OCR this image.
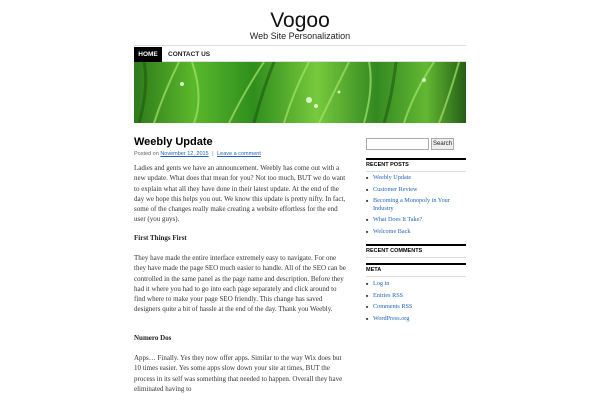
Vogoo
Web Site Personalization
HOME	CONTACT US
Weebly Update
Posted on November 12, 2015 | Leave a comment
Ladies and gents we have an announcement. Weebly has come out with a new update. What does that mean for you? Not too much, BUT we do want to explain what all they have done in their latest update. At the end of the day we hope this helps you out. We know this update is pretty nifty. In fact, some of the changes really make creating a website effortless for the end user (you guys).
First Things First
They have made the entire interface extremely easy to navigate. For one they have made the page SEO much easier to handle. All of the SEO can be controlled in the same panel as the page name and description. Before they had it where you had to go into each page separately and click around to find where to make your page SEO friendly. This change has saved designers quite a bit of hassle at the end of the day. Thank you Weebly.
Numero Dos
Apps… Finally. Yes they now offer apps. Similar to the way Wix does but 10 times easier. Yes some apps slow down your site at times, BUT the process in its self was something that needed to happen. Overall they have eliminated having to
Search
RECENT POSTS
■ Weebly Update
■ Customer Review
■ Becoming a Monopoly in Your Industry
■ What Does It Take?
■ Welcome Back
RECENT COMMENTS
META
■ Log in
■ Entries RSS
■ Comments RSS
■ WordPress.org
